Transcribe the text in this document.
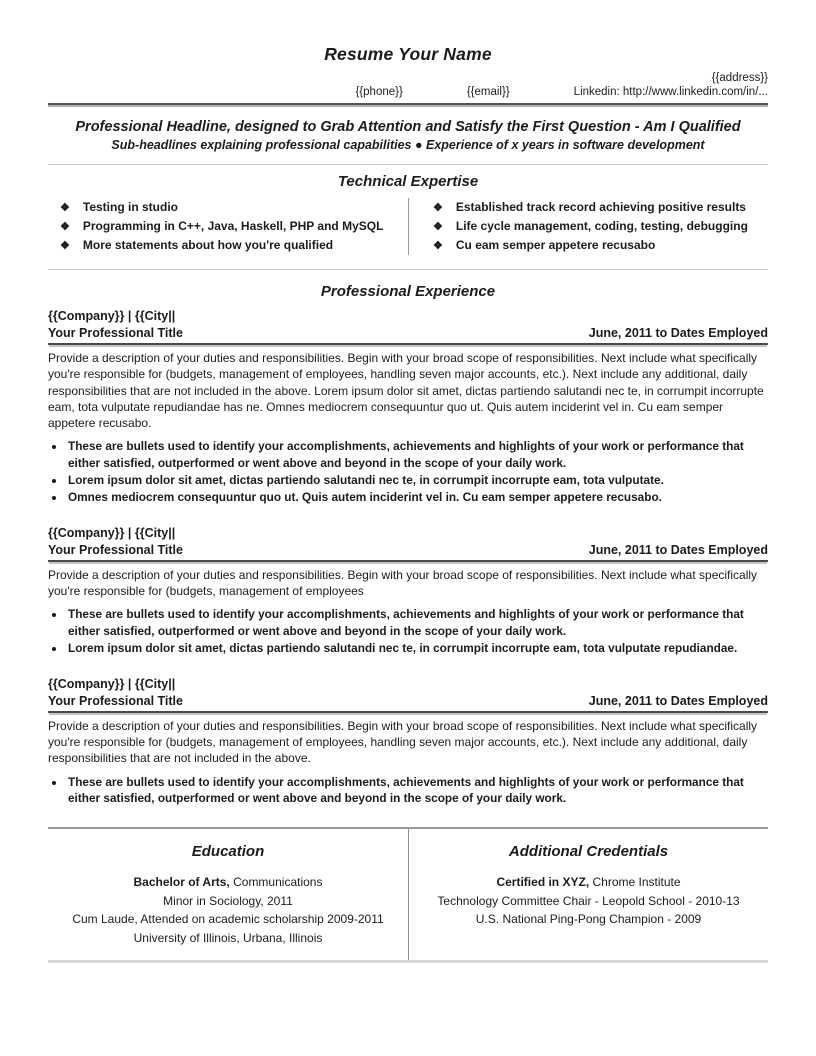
Resume Your Name
{{address}}
{{phone}}	{{email}}	Linkedin: http://www.linkedin.com/in/...
Professional Headline, designed to Grab Attention and Satisfy the First Question - Am I Qualified
Sub-headlines explaining professional capabilities ● Experience of x years in software development
Technical Expertise
❖ Testing in studio
❖ Programming in C++, Java, Haskell, PHP and MySQL
❖ More statements about how you're qualified
❖ Established track record achieving positive results
❖ Life cycle management, coding, testing, debugging
❖ Cu eam semper appetere recusabo
Professional Experience
{{Company}} | {{City||
Your Professional Title	June, 2011 to Dates Employed
Provide a description of your duties and responsibilities. Begin with your broad scope of responsibilities. Next include what specifically you're responsible for (budgets, management of employees, handling seven major accounts, etc.). Next include any additional, daily responsibilities that are not included in the above. Lorem ipsum dolor sit amet, dictas partiendo salutandi nec te, in corrumpit incorrupte eam, tota vulputate repudiandae has ne. Omnes mediocrem consequuntur quo ut. Quis autem inciderint vel in. Cu eam semper appetere recusabo.
• These are bullets used to identify your accomplishments, achievements and highlights of your work or performance that either satisfied, outperformed or went above and beyond in the scope of your daily work.
• Lorem ipsum dolor sit amet, dictas partiendo salutandi nec te, in corrumpit incorrupte eam, tota vulputate.
• Omnes mediocrem consequuntur quo ut. Quis autem inciderint vel in. Cu eam semper appetere recusabo.
{{Company}} | {{City||
Your Professional Title	June, 2011 to Dates Employed
Provide a description of your duties and responsibilities. Begin with your broad scope of responsibilities. Next include what specifically you're responsible for (budgets, management of employees
• These are bullets used to identify your accomplishments, achievements and highlights of your work or performance that either satisfied, outperformed or went above and beyond in the scope of your daily work.
• Lorem ipsum dolor sit amet, dictas partiendo salutandi nec te, in corrumpit incorrupte eam, tota vulputate repudiandae.
{{Company}} | {{City||
Your Professional Title	June, 2011 to Dates Employed
Provide a description of your duties and responsibilities. Begin with your broad scope of responsibilities. Next include what specifically you're responsible for (budgets, management of employees, handling seven major accounts, etc.). Next include any additional, daily responsibilities that are not included in the above.
• These are bullets used to identify your accomplishments, achievements and highlights of your work or performance that either satisfied, outperformed or went above and beyond in the scope of your daily work.
Education
Bachelor of Arts, Communications
Minor in Sociology, 2011
Cum Laude, Attended on academic scholarship 2009-2011
University of Illinois, Urbana, Illinois
Additional Credentials
Certified in XYZ, Chrome Institute
Technology Committee Chair - Leopold School - 2010-13
U.S. National Ping-Pong Champion - 2009
